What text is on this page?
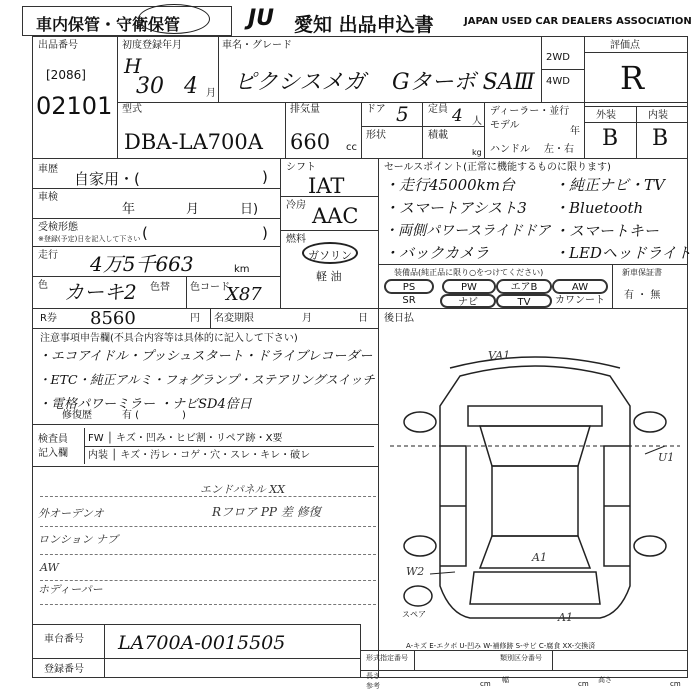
車内保管・守衛保管	JU 愛知 出品申込書	JAPAN USED CAR DEALERS ASSOCIATION
出品番号
[2086]
02101
初度登録年月
H
30 4 月
車名・グレード
ピクシスメガ Gターボ SAⅢ
2WD
4WD
評価点
R
型式
DBA-LA700A
排気量
660 cc
ドア 5 定員 4 人
形状	積載
kg
ディーラー・並行
モデル
年
ハンドル 左・右
外装	内装
B B
車歴
自家用・(	)
車検
年	月	日)
受検形態
※登録(予定)日を記入して下さい (	)
走行 4万5千663	km
色 カーキ2 色替 色コード
X87
シフト
IAT
冷房 AAC
燃料
ガソリン
軽 油
セールスポイント(正常に機能するものに限ります)
・走行45000km台
・スマートアシスト3
・両側パワースライドドア
・バックカメラ
・純正ナビ・TV
・Bluetooth
・スマートキー
・LEDヘッドライト
装備品(純正品に限り○をつけてください)	新車保証書
有 ・ 無
PS	PW	エアB	AW
SR	ナビ	TV	カワンート
R券 8560	円 名変期限	月	日 後日払
注意事項申告欄(不具合内容等は具体的に記入して下さい)
・エコアイドル・プッシュスタート・ドライブレコーダー
・ETC・純正アルミ・フォグランプ・ステアリングスイッチ
・電格パワーミラー ・ナビSD4倍日
修復歴	有 (	)
検査員
記入欄
FW │ キズ・凹み・ヒビ割・リペア跡・X要
内装 │ キズ・汚レ・コゲ・穴・スレ・キレ・破レ
エンドパネル XX
Rフロア PP 差 修復
外オーデンオ
ロンション ナブ
AW
ホディーパー
VA1
U1
A1
W2
A1
スペア
A-キズ E-エクボ U-凹み W-補修跡 S-サビ C-腐食 XX-交換済
形式指定番号	類別区分番号
長さ
参考	cm 幅	cm 高さ	cm
車台番号 LA700A-0015505
登録番号
